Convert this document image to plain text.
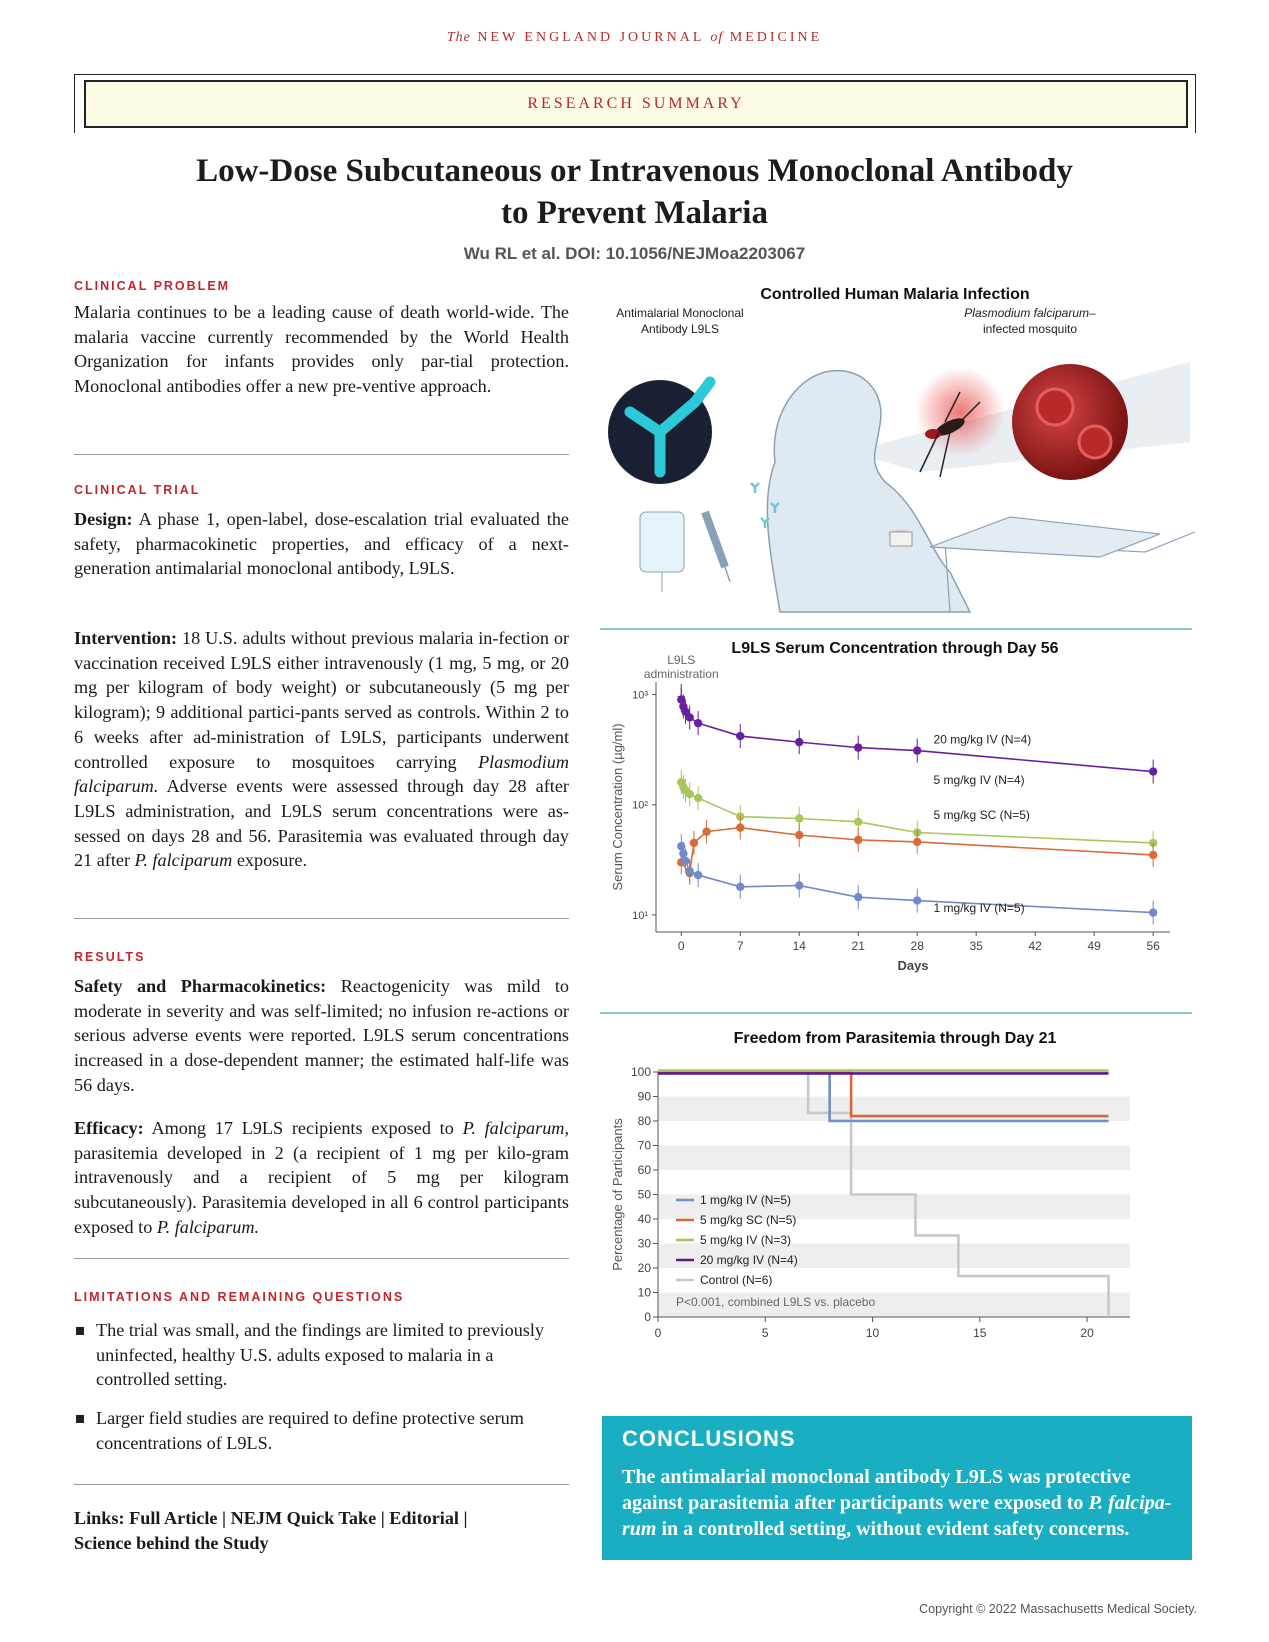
The NEW ENGLAND JOURNAL of MEDICINE
RESEARCH SUMMARY
Low-Dose Subcutaneous or Intravenous Monoclonal Antibody
to Prevent Malaria
Wu RL et al. DOI: 10.1056/NEJMoa2203067
CLINICAL PROBLEM
Malaria continues to be a leading cause of death world-wide. The malaria vaccine currently recommended by the World Health Organization for infants provides only par-tial protection. Monoclonal antibodies offer a new pre-ventive approach.
CLINICAL TRIAL
Design: A phase 1, open-label, dose-escalation trial evaluated the safety, pharmacokinetic properties, and efficacy of a next-generation antimalarial monoclonal antibody, L9LS.
Intervention: 18 U.S. adults without previous malaria in-fection or vaccination received L9LS either intravenously (1 mg, 5 mg, or 20 mg per kilogram of body weight) or subcutaneously (5 mg per kilogram); 9 additional partici-pants served as controls. Within 2 to 6 weeks after ad-ministration of L9LS, participants underwent controlled exposure to mosquitoes carrying Plasmodium falciparum. Adverse events were assessed through day 28 after L9LS administration, and L9LS serum concentrations were as-sessed on days 28 and 56. Parasitemia was evaluated through day 21 after P. falciparum exposure.
RESULTS
Safety and Pharmacokinetics: Reactogenicity was mild to moderate in severity and was self-limited; no infusion re-actions or serious adverse events were reported. L9LS serum concentrations increased in a dose-dependent manner; the estimated half-life was 56 days.
Efficacy: Among 17 L9LS recipients exposed to P. falciparum, parasitemia developed in 2 (a recipient of 1 mg per kilo-gram intravenously and a recipient of 5 mg per kilogram subcutaneously). Parasitemia developed in all 6 control participants exposed to P. falciparum.
LIMITATIONS AND REMAINING QUESTIONS
The trial was small, and the findings are limited to previously uninfected, healthy U.S. adults exposed to malaria in a controlled setting.
Larger field studies are required to define protective serum concentrations of L9LS.
Links: Full Article | NEJM Quick Take | Editorial |
Science behind the Study
Controlled Human Malaria Infection
Antimalarial Monoclonal
Antibody L9LS
Plasmodium falciparum–
infected mosquito
L9LS Serum Concentration through Day 56
10³
10²
10¹
0	7	14	21	28	35	42	49	56
Days
Serum Concentration (µg/ml)
L9LS
administration
20 mg/kg IV (N=4)
5 mg/kg IV (N=4)
5 mg/kg SC (N=5)
1 mg/kg IV (N=5)
Freedom from Parasitemia through Day 21
0
10
20
30
40
50
60
70
80
90
100
0	5	10	15	20
Percentage of Participants	1 mg/kg IV (N=5)
5 mg/kg SC (N=5)
5 mg/kg IV (N=3)
20 mg/kg IV (N=4)
Control (N=6)
P<0.001, combined L9LS vs. placebo
CONCLUSIONS
The antimalarial monoclonal antibody L9LS was protective against parasitemia after participants were exposed to P. falcipa-rum in a controlled setting, without evident safety concerns.
Copyright © 2022 Massachusetts Medical Society.
